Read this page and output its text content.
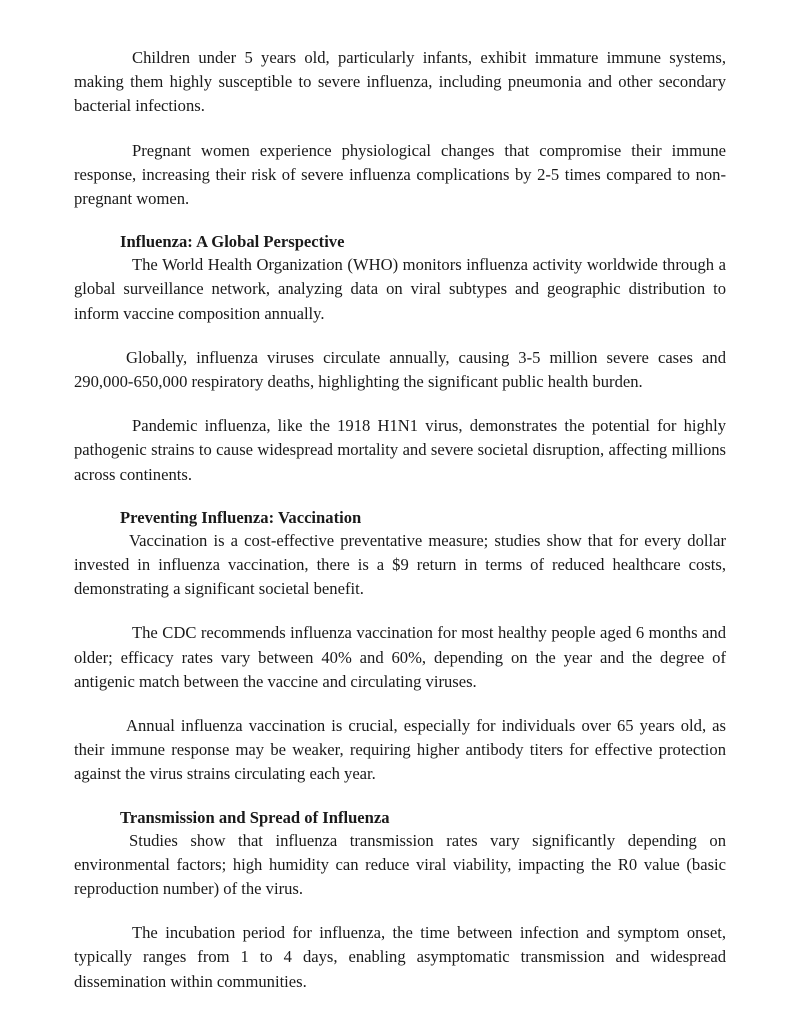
Children under 5 years old, particularly infants, exhibit immature immune systems, making them highly susceptible to severe influenza, including pneumonia and other secondary bacterial infections.

Pregnant women experience physiological changes that compromise their immune response, increasing their risk of severe influenza complications by 2-5 times compared to non-pregnant women.

Influenza: A Global Perspective

The World Health Organization (WHO) monitors influenza activity worldwide through a global surveillance network, analyzing data on viral subtypes and geographic distribution to inform vaccine composition annually.

Globally, influenza viruses circulate annually, causing 3-5 million severe cases and 290,000-650,000 respiratory deaths, highlighting the significant public health burden.

Pandemic influenza, like the 1918 H1N1 virus, demonstrates the potential for highly pathogenic strains to cause widespread mortality and severe societal disruption, affecting millions across continents.

Preventing Influenza: Vaccination

Vaccination is a cost-effective preventative measure; studies show that for every dollar invested in influenza vaccination, there is a $9 return in terms of reduced healthcare costs, demonstrating a significant societal benefit.

The CDC recommends influenza vaccination for most healthy people aged 6 months and older; efficacy rates vary between 40% and 60%, depending on the year and the degree of antigenic match between the vaccine and circulating viruses.

Annual influenza vaccination is crucial, especially for individuals over 65 years old, as their immune response may be weaker, requiring higher antibody titers for effective protection against the virus strains circulating each year.

Transmission and Spread of Influenza

Studies show that influenza transmission rates vary significantly depending on environmental factors; high humidity can reduce viral viability, impacting the R0 value (basic reproduction number) of the virus.

The incubation period for influenza, the time between infection and symptom onset, typically ranges from 1 to 4 days, enabling asymptomatic transmission and widespread dissemination within communities.
